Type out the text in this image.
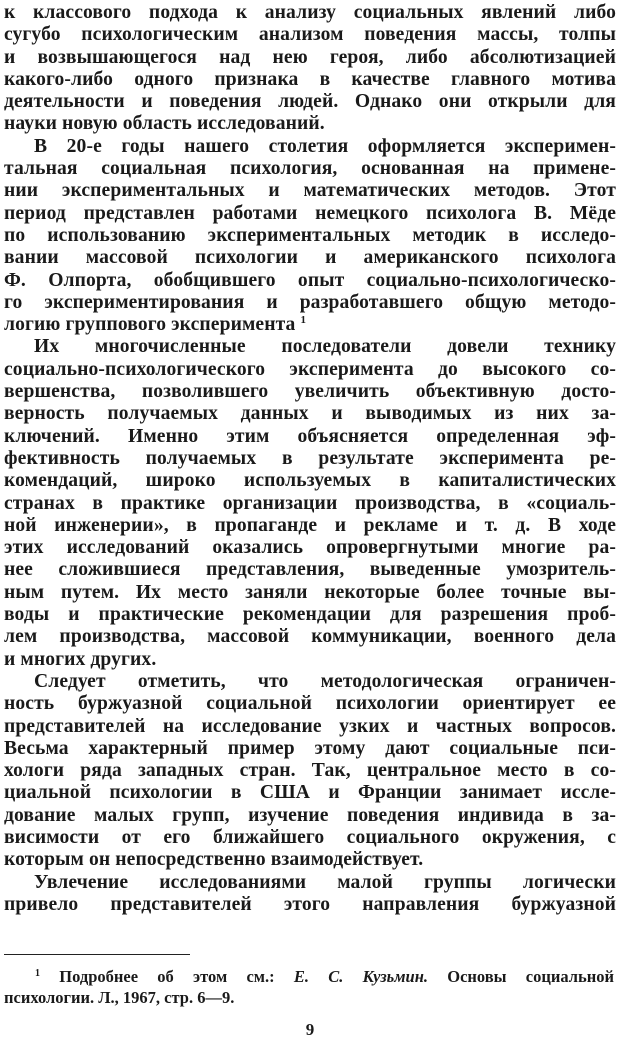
к классового подхода к анализу социальных явлений либо
сугубо психологическим анализом поведения массы, толпы
и возвышающегося над нею героя, либо абсолютизацией
какого-либо одного признака в качестве главного мотива
деятельности и поведения людей. Однако они открыли для
науки новую область исследований.
В 20-е годы нашего столетия оформляется эксперимен-
тальная социальная психология, основанная на примене-
нии экспериментальных и математических методов. Этот
период представлен работами немецкого психолога В. Мёде
по использованию экспериментальных методик в исследо-
вании массовой психологии и американского психолога
Ф. Олпорта, обобщившего опыт социально-психологическо-
го экспериментирования и разработавшего общую методо-
логию группового эксперимента $^1$
Их многочисленные последователи довели технику
социально-психологического эксперимента до высокого со-
вершенства, позволившего увеличить объективную досто-
верность получаемых данных и выводимых из них за-
ключений. Именно этим объясняется определенная эф-
фективность получаемых в результате эксперимента ре-
комендаций, широко используемых в капиталистических
странах в практике организации производства, в «социаль-
ной инженерии», в пропаганде и рекламе и т. д. В ходе
этих исследований оказались опровергнутыми многие ра-
нее сложившиеся представления, выведенные умозритель-
ным путем. Их место заняли некоторые более точные вы-
воды и практические рекомендации для разрешения проб-
лем производства, массовой коммуникации, военного дела
и многих других.
Следует отметить, что методологическая ограничен-
ность буржуазной социальной психологии ориентирует ее
представителей на исследование узких и частных вопросов.
Весьма характерный пример этому дают социальные пси-
хологи ряда западных стран. Так, центральное место в со-
циальной психологии в США и Франции занимает иссле-
дование малых групп, изучение поведения индивида в за-
висимости от его ближайшего социального окружения, с
которым он непосредственно взаимодействует.
Увлечение исследованиями малой группы логически
привело представителей этого направления буржуазной
$^1$ Подробнее об этом см.: Е. С. Кузьмин. Основы социальной
психологии. Л., 1967, стр. 6—9.
9
